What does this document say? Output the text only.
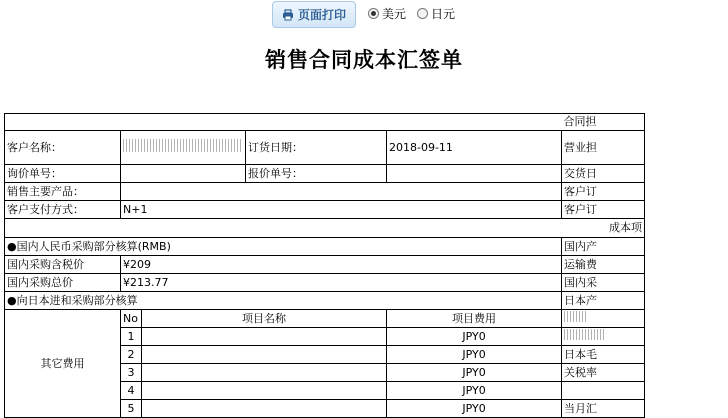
页面打印	美元 日元
销售合同成本汇签单
					合同担
客户名称：			订货日期：	2018-09-11	营业担
询价单号：			报价单号：		交货日
销售主要产品：					客户订
客户支付方式：	N+1				客户订
					成本项
●国内人民币采购部分核算(RMB)					国内产
国内采购含税价	¥209				运输费
国内采购总价	¥213.77				国内采
●向日本进和采购部分核算					日本产
其它费用	No	项目名称		项目费用	
	1			JPY0	
	2			JPY0	日本毛
	3			JPY0	关税率
	4			JPY0	
	5			JPY0	当月汇
